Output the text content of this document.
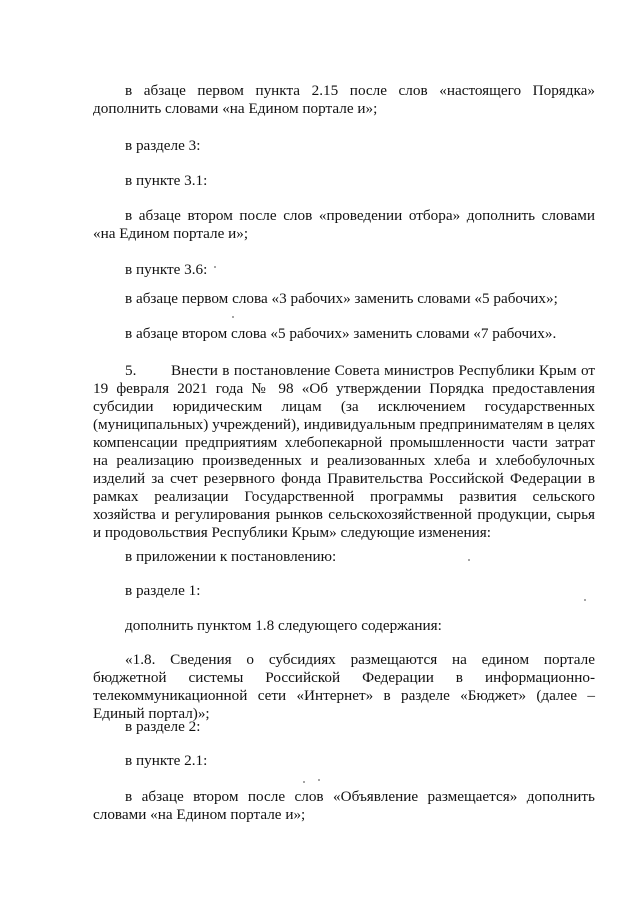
в абзаце первом пункта 2.15 после слов «настоящего Порядка» дополнить словами «на Едином портале и»;

в разделе 3:

в пункте 3.1:

в абзаце втором после слов «проведении отбора» дополнить словами «на Едином портале и»;

в пункте 3.6:

в абзаце первом слова «3 рабочих» заменить словами «5 рабочих»;

в абзаце втором слова «5 рабочих» заменить словами «7 рабочих».

5. Внести в постановление Совета министров Республики Крым от 19 февраля 2021 года № 98 «Об утверждении Порядка предоставления субсидии юридическим лицам (за исключением государственных (муниципальных) учреждений), индивидуальным предпринимателям в целях компенсации предприятиям хлебопекарной промышленности части затрат на реализацию произведенных и реализованных хлеба и хлебобулочных изделий за счет резервного фонда Правительства Российской Федерации в рамках реализации Государственной программы развития сельского хозяйства и регулирования рынков сельскохозяйственной продукции, сырья и продовольствия Республики Крым» следующие изменения:

в приложении к постановлению:

в разделе 1:

дополнить пунктом 1.8 следующего содержания:

«1.8. Сведения о субсидиях размещаются на едином портале бюджетной системы Российской Федерации в информационно-телекоммуникационной сети «Интернет» в разделе «Бюджет» (далее – Единый портал)»;

в разделе 2:

в пункте 2.1:

в абзаце втором после слов «Объявление размещается» дополнить словами «на Едином портале и»;
